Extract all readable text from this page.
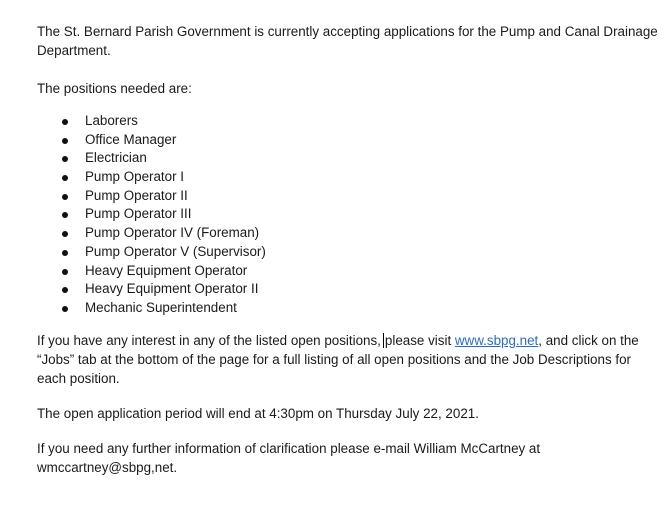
The St. Bernard Parish Government is currently accepting applications for the Pump and Canal Drainage Department.

The positions needed are:

Laborers
Office Manager
Electrician
Pump Operator I
Pump Operator II
Pump Operator III
Pump Operator IV (Foreman)
Pump Operator V (Supervisor)
Heavy Equipment Operator
Heavy Equipment Operator II
Mechanic Superintendent

If you have any interest in any of the listed open positions, please visit www.sbpg.net, and click on the “Jobs” tab at the bottom of the page for a full listing of all open positions and the Job Descriptions for each position.

The open application period will end at 4:30pm on Thursday July 22, 2021.

If you need any further information of clarification please e-mail William McCartney at wmccartney@sbpg,net.
